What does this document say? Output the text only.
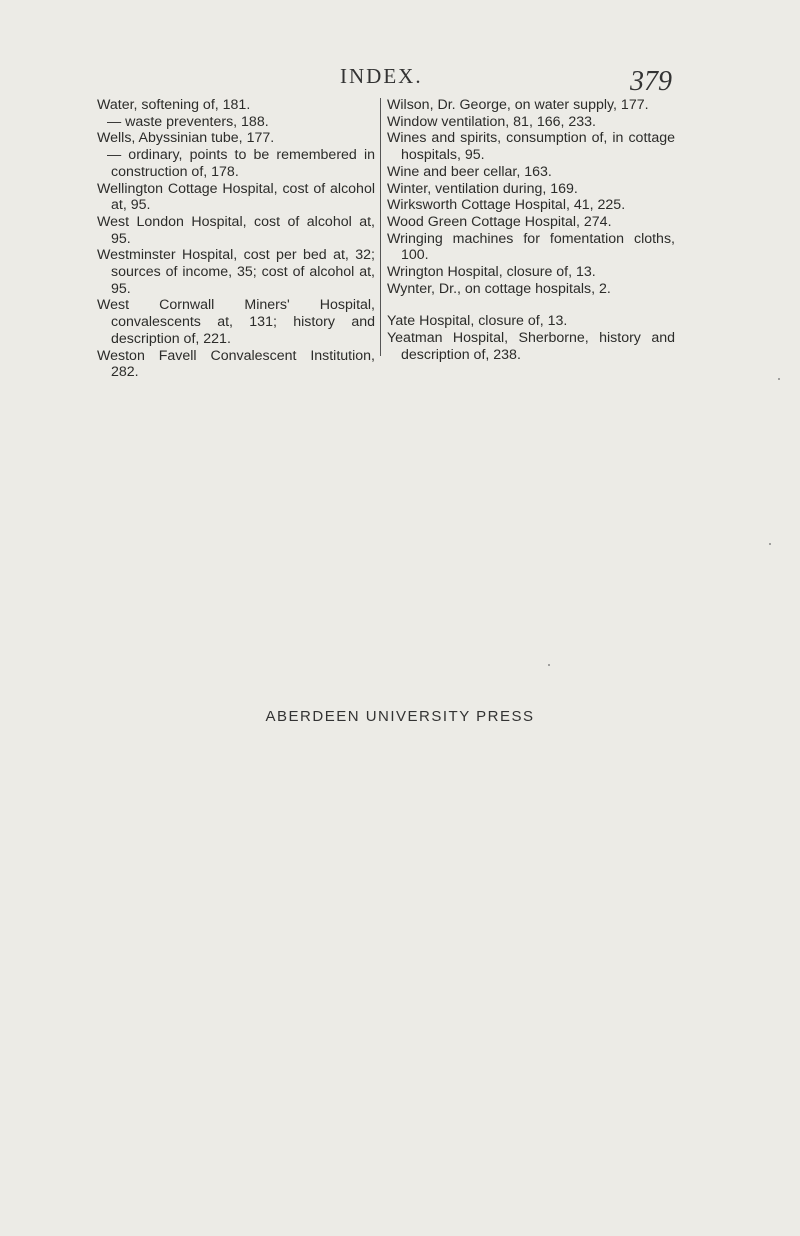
INDEX.	379

Water, softening of, 181.

— waste preventers, 188.

Wells, Abyssinian tube, 177.

— ordinary, points to be remembered in construction of, 178.

Wellington Cottage Hospital, cost of alcohol at, 95.

West London Hospital, cost of alcohol at, 95.

Westminster Hospital, cost per bed at, 32; sources of income, 35; cost of alcohol at, 95.

West Cornwall Miners' Hospital, convalescents at, 131; history and description of, 221.

Weston Favell Convalescent Institution, 282.

Wilson, Dr. George, on water supply, 177.

Window ventilation, 81, 166, 233.

Wines and spirits, consumption of, in cottage hospitals, 95.

Wine and beer cellar, 163.

Winter, ventilation during, 169.

Wirksworth Cottage Hospital, 41, 225.

Wood Green Cottage Hospital, 274.

Wringing machines for fomentation cloths, 100.

Wrington Hospital, closure of, 13.

Wynter, Dr., on cottage hospitals, 2.

Yate Hospital, closure of, 13.

Yeatman Hospital, Sherborne, history and description of, 238.

ABERDEEN UNIVERSITY PRESS
